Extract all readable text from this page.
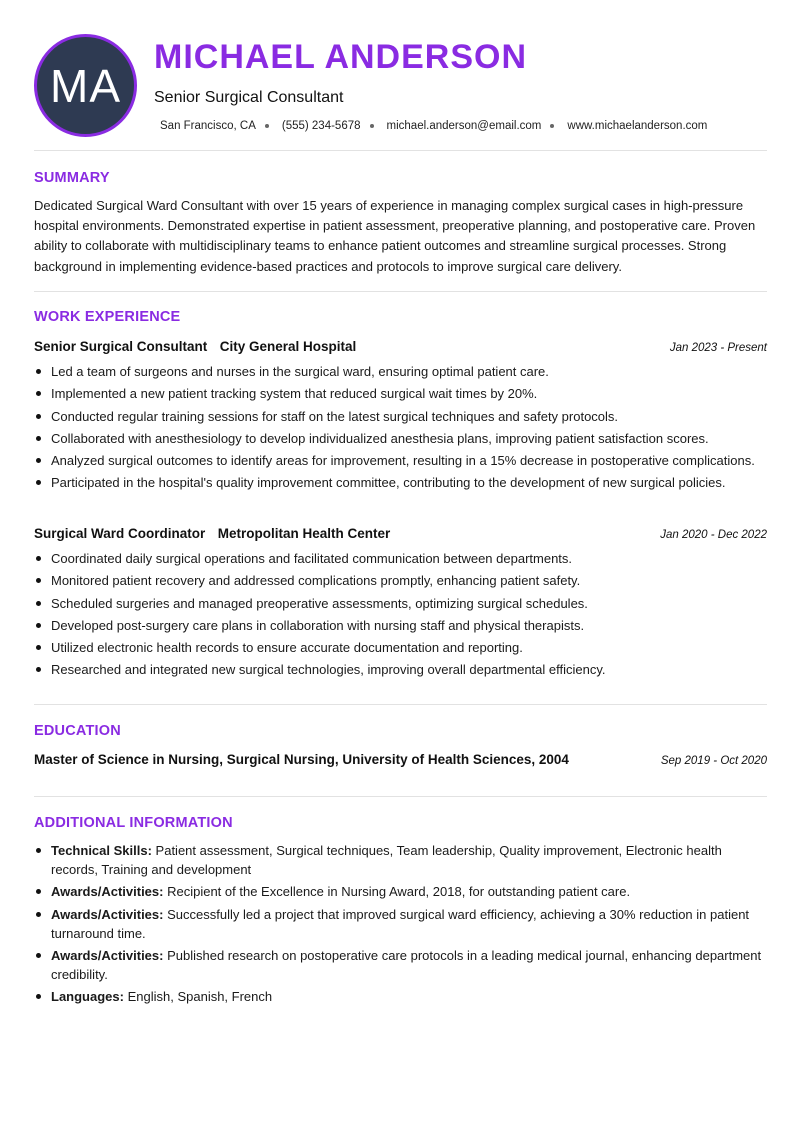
MA
MICHAEL ANDERSON
Senior Surgical Consultant
San Francisco, CA (555) 234-5678 michael.anderson@email.com www.michaelanderson.com
SUMMARY
Dedicated Surgical Ward Consultant with over 15 years of experience in managing complex surgical cases in high-pressure hospital environments. Demonstrated expertise in patient assessment, preoperative planning, and postoperative care. Proven ability to collaborate with multidisciplinary teams to enhance patient outcomes and streamline surgical processes. Strong background in implementing evidence-based practices and protocols to improve surgical care delivery.
WORK EXPERIENCE
Senior Surgical Consultant City General Hospital	Jan 2023 - Present
Led a team of surgeons and nurses in the surgical ward, ensuring optimal patient care.
Implemented a new patient tracking system that reduced surgical wait times by 20%.
Conducted regular training sessions for staff on the latest surgical techniques and safety protocols.
Collaborated with anesthesiology to develop individualized anesthesia plans, improving patient satisfaction scores.
Analyzed surgical outcomes to identify areas for improvement, resulting in a 15% decrease in postoperative complications.
Participated in the hospital's quality improvement committee, contributing to the development of new surgical policies.
Surgical Ward Coordinator Metropolitan Health Center	Jan 2020 - Dec 2022
Coordinated daily surgical operations and facilitated communication between departments.
Monitored patient recovery and addressed complications promptly, enhancing patient safety.
Scheduled surgeries and managed preoperative assessments, optimizing surgical schedules.
Developed post-surgery care plans in collaboration with nursing staff and physical therapists.
Utilized electronic health records to ensure accurate documentation and reporting.
Researched and integrated new surgical technologies, improving overall departmental efficiency.
EDUCATION
Master of Science in Nursing, Surgical Nursing, University of Health Sciences, 2004	Sep 2019 - Oct 2020
ADDITIONAL INFORMATION
Technical Skills: Patient assessment, Surgical techniques, Team leadership, Quality improvement, Electronic health records, Training and development
Awards/Activities: Recipient of the Excellence in Nursing Award, 2018, for outstanding patient care.
Awards/Activities: Successfully led a project that improved surgical ward efficiency, achieving a 30% reduction in patient turnaround time.
Awards/Activities: Published research on postoperative care protocols in a leading medical journal, enhancing department credibility.
Languages: English, Spanish, French
